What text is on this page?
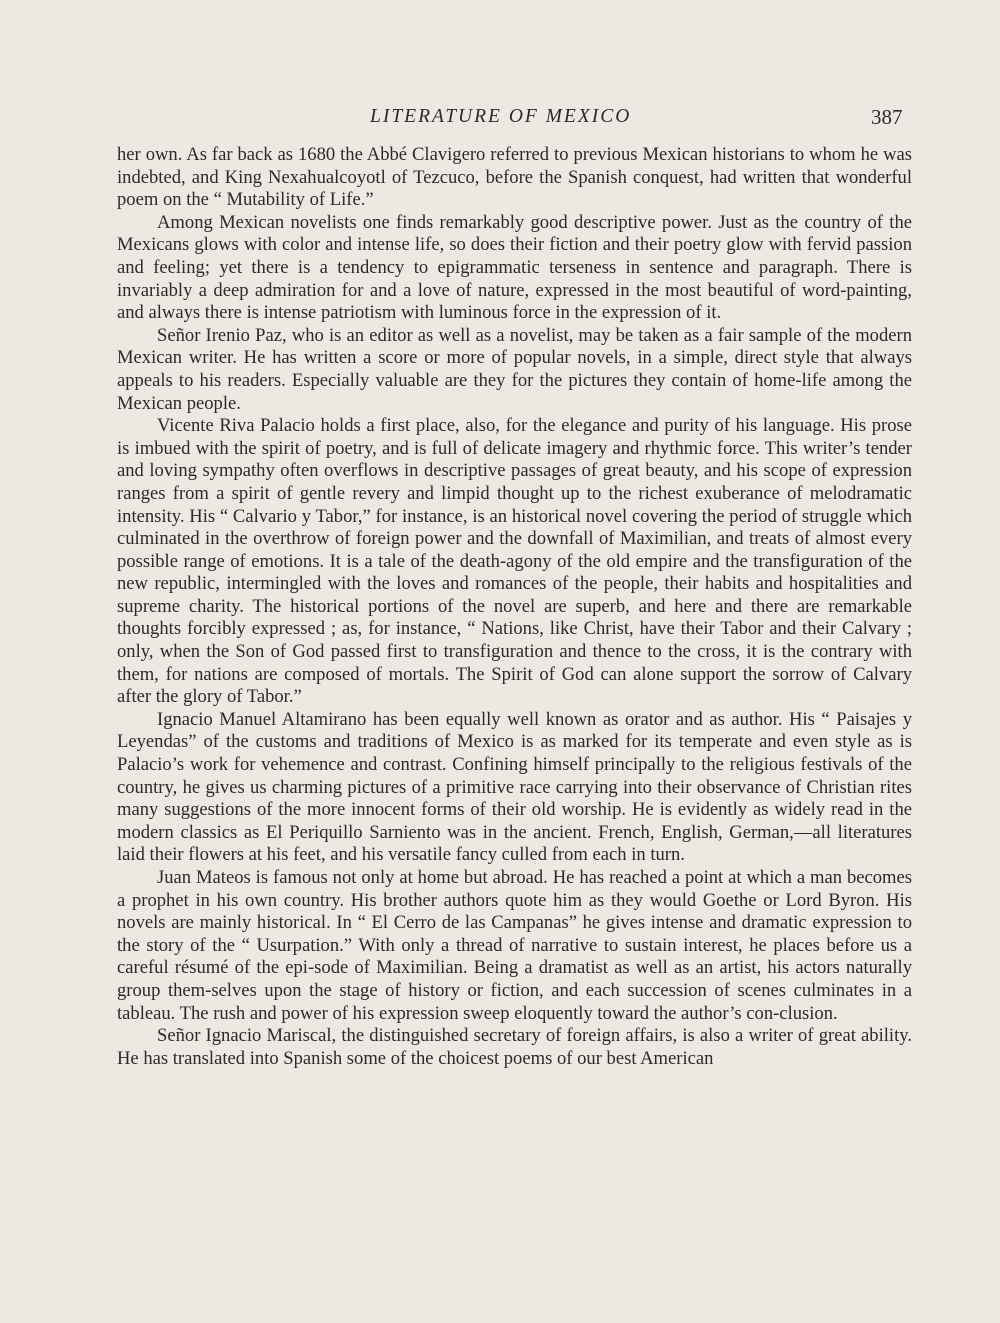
LITERATURE OF MEXICO	387

her own. As far back as 1680 the Abbé Clavigero referred to previous Mexican historians to whom he was indebted, and King Nexahualcoyotl of Tezcuco, before the Spanish conquest, had written that wonderful poem on the “ Mutability of Life.”

Among Mexican novelists one finds remarkably good descriptive power. Just as the country of the Mexicans glows with color and intense life, so does their fiction and their poetry glow with fervid passion and feeling; yet there is a tendency to epigrammatic terseness in sentence and paragraph. There is invariably a deep admiration for and a love of nature, expressed in the most beautiful of word-painting, and always there is intense patriotism with luminous force in the expression of it.

Señor Irenio Paz, who is an editor as well as a novelist, may be taken as a fair sample of the modern Mexican writer. He has written a score or more of popular novels, in a simple, direct style that always appeals to his readers. Especially valuable are they for the pictures they contain of home-life among the Mexican people.

Vicente Riva Palacio holds a first place, also, for the elegance and purity of his language. His prose is imbued with the spirit of poetry, and is full of delicate imagery and rhythmic force. This writer’s tender and loving sympathy often overflows in descriptive passages of great beauty, and his scope of expression ranges from a spirit of gentle revery and limpid thought up to the richest exuberance of melodramatic intensity. His “ Calvario y Tabor,” for instance, is an historical novel covering the period of struggle which culminated in the overthrow of foreign power and the downfall of Maximilian, and treats of almost every possible range of emotions. It is a tale of the death-agony of the old empire and the transfiguration of the new republic, intermingled with the loves and romances of the people, their habits and hospitalities and supreme charity. The historical portions of the novel are superb, and here and there are remarkable thoughts forcibly expressed ; as, for instance, “ Nations, like Christ, have their Tabor and their Calvary ; only, when the Son of God passed first to transfiguration and thence to the cross, it is the contrary with them, for nations are composed of mortals. The Spirit of God can alone support the sorrow of Calvary after the glory of Tabor.”

Ignacio Manuel Altamirano has been equally well known as orator and as author. His “ Paisajes y Leyendas” of the customs and traditions of Mexico is as marked for its temperate and even style as is Palacio’s work for vehemence and contrast. Confining himself principally to the religious festivals of the country, he gives us charming pictures of a primitive race carrying into their observance of Christian rites many suggestions of the more innocent forms of their old worship. He is evidently as widely read in the modern classics as El Periquillo Sarniento was in the ancient. French, English, German,—all literatures laid their flowers at his feet, and his versatile fancy culled from each in turn.

Juan Mateos is famous not only at home but abroad. He has reached a point at which a man becomes a prophet in his own country. His brother authors quote him as they would Goethe or Lord Byron. His novels are mainly historical. In “ El Cerro de las Campanas” he gives intense and dramatic expression to the story of the “ Usurpation.” With only a thread of narrative to sustain interest, he places before us a careful résumé of the epi-sode of Maximilian. Being a dramatist as well as an artist, his actors naturally group them-selves upon the stage of history or fiction, and each succession of scenes culminates in a tableau. The rush and power of his expression sweep eloquently toward the author’s con-clusion.

Señor Ignacio Mariscal, the distinguished secretary of foreign affairs, is also a writer of great ability. He has translated into Spanish some of the choicest poems of our best American
